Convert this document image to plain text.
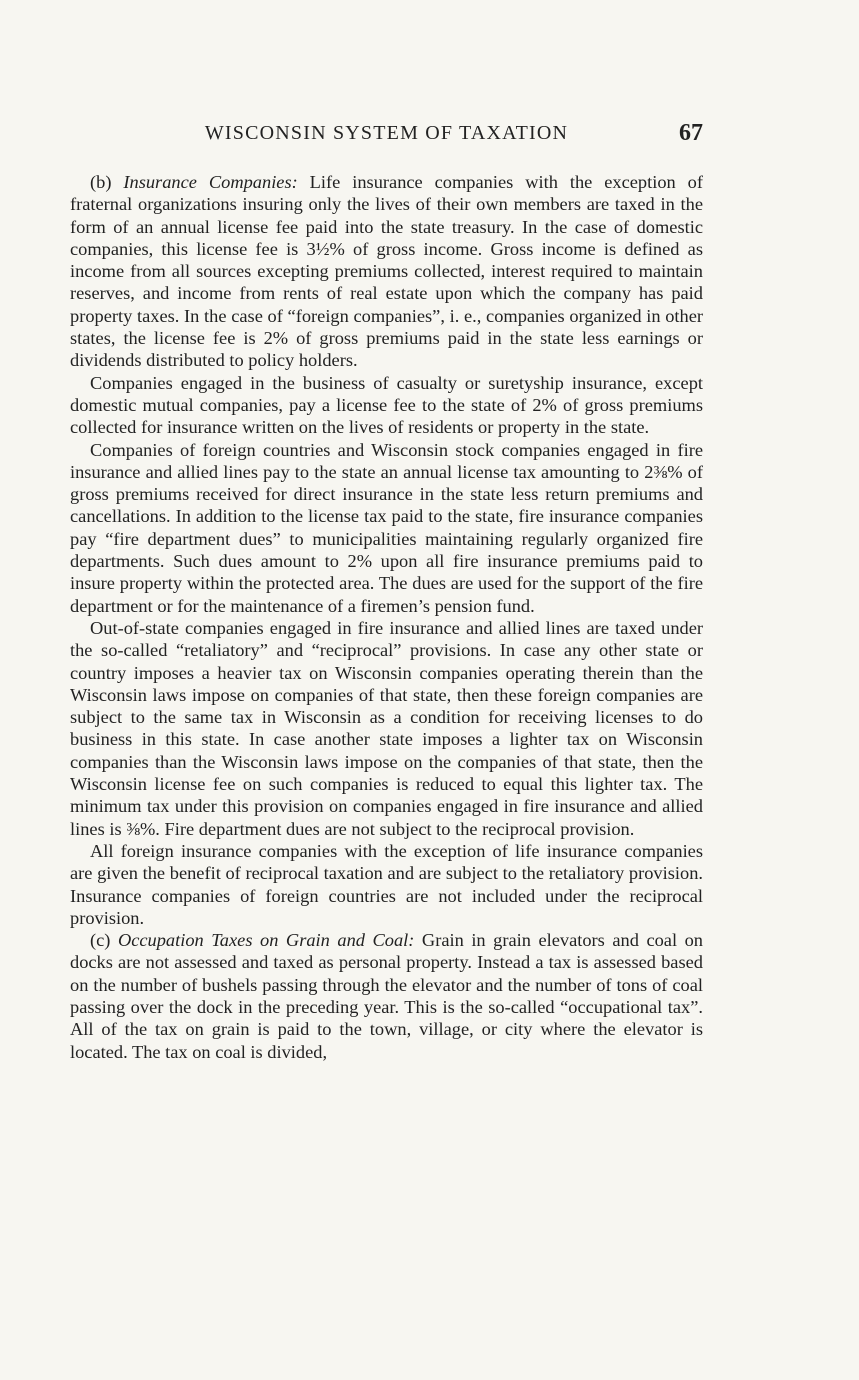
WISCONSIN SYSTEM OF TAXATION	67

(b) Insurance Companies: Life insurance companies with the exception of fraternal organizations insuring only the lives of their own members are taxed in the form of an annual license fee paid into the state treasury. In the case of domestic companies, this license fee is 3½% of gross income. Gross income is defined as income from all sources excepting premiums collected, interest required to maintain reserves, and income from rents of real estate upon which the company has paid property taxes. In the case of “foreign companies”, i. e., companies organized in other states, the license fee is 2% of gross premiums paid in the state less earnings or dividends distributed to policy holders.

Companies engaged in the business of casualty or suretyship insurance, except domestic mutual companies, pay a license fee to the state of 2% of gross premiums collected for insurance written on the lives of residents or property in the state.

Companies of foreign countries and Wisconsin stock companies engaged in fire insurance and allied lines pay to the state an annual license tax amounting to 2⅜% of gross premiums received for direct insurance in the state less return premiums and cancellations. In addition to the license tax paid to the state, fire insurance companies pay “fire department dues” to municipalities maintaining regularly organized fire departments. Such dues amount to 2% upon all fire insurance premiums paid to insure property within the protected area. The dues are used for the support of the fire department or for the maintenance of a firemen’s pension fund.

Out-of-state companies engaged in fire insurance and allied lines are taxed under the so-called “retaliatory” and “reciprocal” provisions. In case any other state or country imposes a heavier tax on Wisconsin companies operating therein than the Wisconsin laws impose on companies of that state, then these foreign companies are subject to the same tax in Wisconsin as a condition for receiving licenses to do business in this state. In case another state imposes a lighter tax on Wisconsin companies than the Wisconsin laws impose on the companies of that state, then the Wisconsin license fee on such companies is reduced to equal this lighter tax. The minimum tax under this provision on companies engaged in fire insurance and allied lines is ⅜%. Fire department dues are not subject to the reciprocal provision.

All foreign insurance companies with the exception of life insurance companies are given the benefit of reciprocal taxation and are subject to the retaliatory provision. Insurance companies of foreign countries are not included under the reciprocal provision.

(c) Occupation Taxes on Grain and Coal: Grain in grain elevators and coal on docks are not assessed and taxed as personal property. Instead a tax is assessed based on the number of bushels passing through the elevator and the number of tons of coal passing over the dock in the preceding year. This is the so-called “occupational tax”. All of the tax on grain is paid to the town, village, or city where the elevator is located. The tax on coal is divided,
